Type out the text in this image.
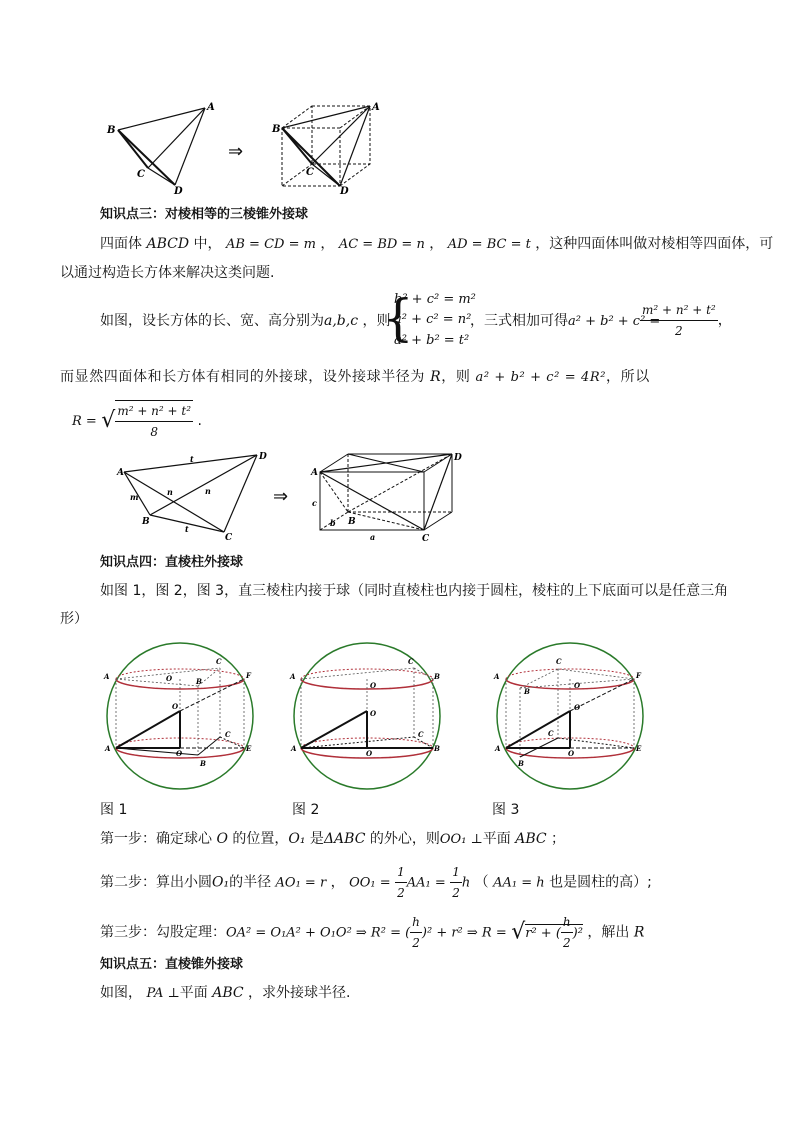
A
B
C
D
⇒
A
B
C
D
知识点三：对棱相等的三棱锥外接球
四面体 ABCD 中， AB = CD = m ， AC = BD = n ， AD = BC = t ，这种四面体叫做对棱相等四面体，可
以通过构造长方体来解决这类问题.
如图，设长方体的长、宽、高分别为a,b,c ，则
{
b² + c² = m²
a² + c² = n²
a² + b² = t²
，三式相加可得a² + b² + c² =
$\frac{\text{m² + n² + t²}}{2}$ ，
而显然四面体和长方体有相同的外接球，设外接球半径为 R，则 a² + b² + c² = 4R²，所以
R = √ $\frac{\text{m² + n² + t²}}{8}$ .
A
B
C
D
t
m	n	n
t
⇒
A
B
C
D
a
b
c
知识点四：直棱柱外接球
如图 1，图 2，图 3，直三棱柱内接于球（同时直棱柱也内接于圆柱，棱柱的上下底面可以是任意三角
形）
A
B
C
O
O
O
A
B
C
E
F	A	B
C
O
O
O
A	B
C
A
B
C
O
O
O
A
B
C
E
F
图 1	图 2	图 3
第一步：确定球心 O 的位置，O₁ 是ΔABC 的外心，则OO₁ ⊥平面 ABC ；
第二步：算出小圆O₁的半径 AO₁ = r ， $OO_1 = \frac{1}{2} AA_1 = \frac{1}{2}$ h （ AA₁ = h 也是圆柱的高）;
第三步：勾股定理：OA² = O₁A² + O₁O² ⇒ R² = ( $\frac{h}{2} )^2 + r^2$ ⇒ R = √r² + ( $\frac{h}{2} )^2$ ，解出 R
知识点五：直棱锥外接球
如图， PA ⊥平面 ABC ，求外接球半径.
